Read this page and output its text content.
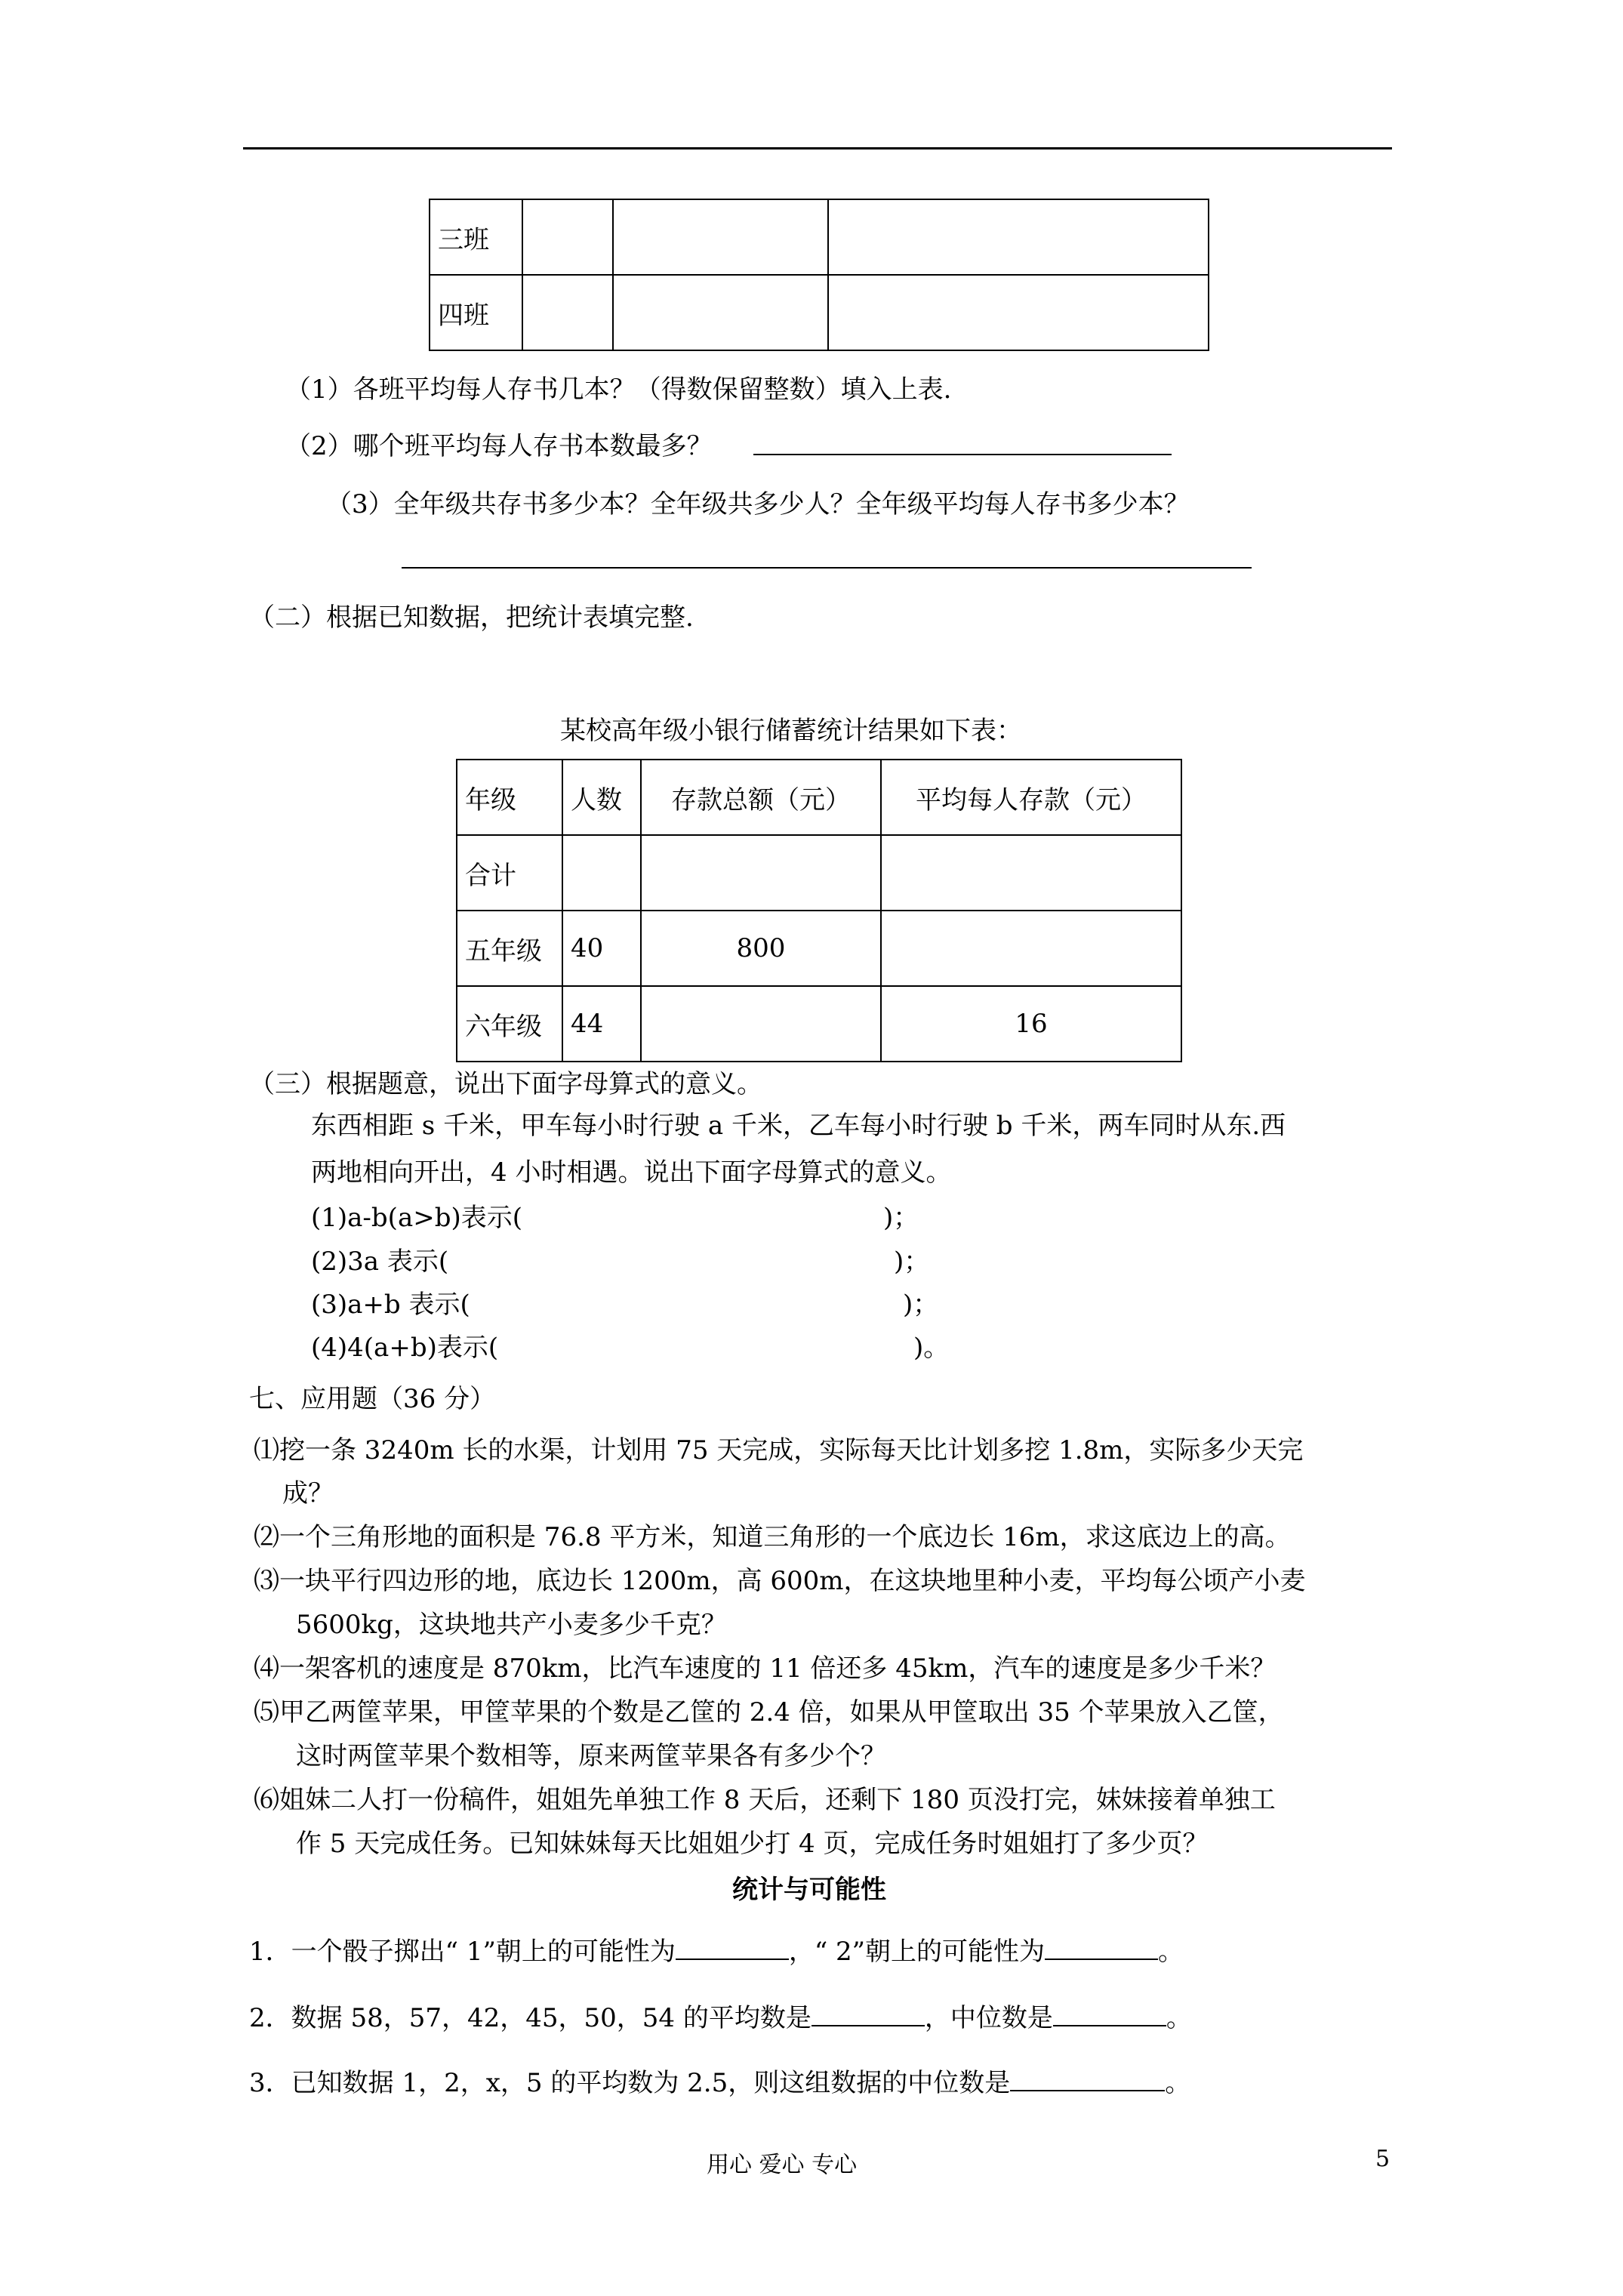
三班			
四班			
（1）各班平均每人存书几本？（得数保留整数）填入上表.
（2）哪个班平均每人存书本数最多？
（3）全年级共存书多少本？全年级共多少人？全年级平均每人存书多少本？
（二）根据已知数据，把统计表填完整.
某校高年级小银行储蓄统计结果如下表：
年级	人数	存款总额（元）	平均每人存款（元）
合计			
五年级	40	800	
六年级	44		16
（三）根据题意，说出下面字母算式的意义。
东西相距 s 千米，甲车每小时行驶 a 千米，乙车每小时行驶 b 千米，两车同时从东.西
两地相向开出，4 小时相遇。说出下面字母算式的意义。
(1)a-b(a>b)表示(	)；
(2)3a 表示(	)；
(3)a+b 表示(	)；
(4)4(a+b)表示(	)。
七、应用题（36 分）
⑴挖一条 3240m 长的水渠，计划用 75 天完成，实际每天比计划多挖 1.8m，实际多少天完
成？
⑵一个三角形地的面积是 76.8 平方米，知道三角形的一个底边长 16m，求这底边上的高。
⑶一块平行四边形的地，底边长 1200m，高 600m，在这块地里种小麦，平均每公顷产小麦
5600kg，这块地共产小麦多少千克？
⑷一架客机的速度是 870km，比汽车速度的 11 倍还多 45km，汽车的速度是多少千米？
⑸甲乙两筐苹果，甲筐苹果的个数是乙筐的 2.4 倍，如果从甲筐取出 35 个苹果放入乙筐，
这时两筐苹果个数相等，原来两筐苹果各有多少个？
⑹姐妹二人打一份稿件，姐姐先单独工作 8 天后，还剩下 180 页没打完，妹妹接着单独工
作 5 天完成任务。已知妹妹每天比姐姐少打 4 页，完成任务时姐姐打了多少页？
统计与可能性
1．一个骰子掷出“ 1”朝上的可能性为	，“ 2”朝上的可能性为	。
2．数据 58，57，42，45，50，54 的平均数是	，中位数是	。
3．已知数据 1，2，x，5 的平均数为 2.5，则这组数据的中位数是	。
用心 爱心 专心	5
